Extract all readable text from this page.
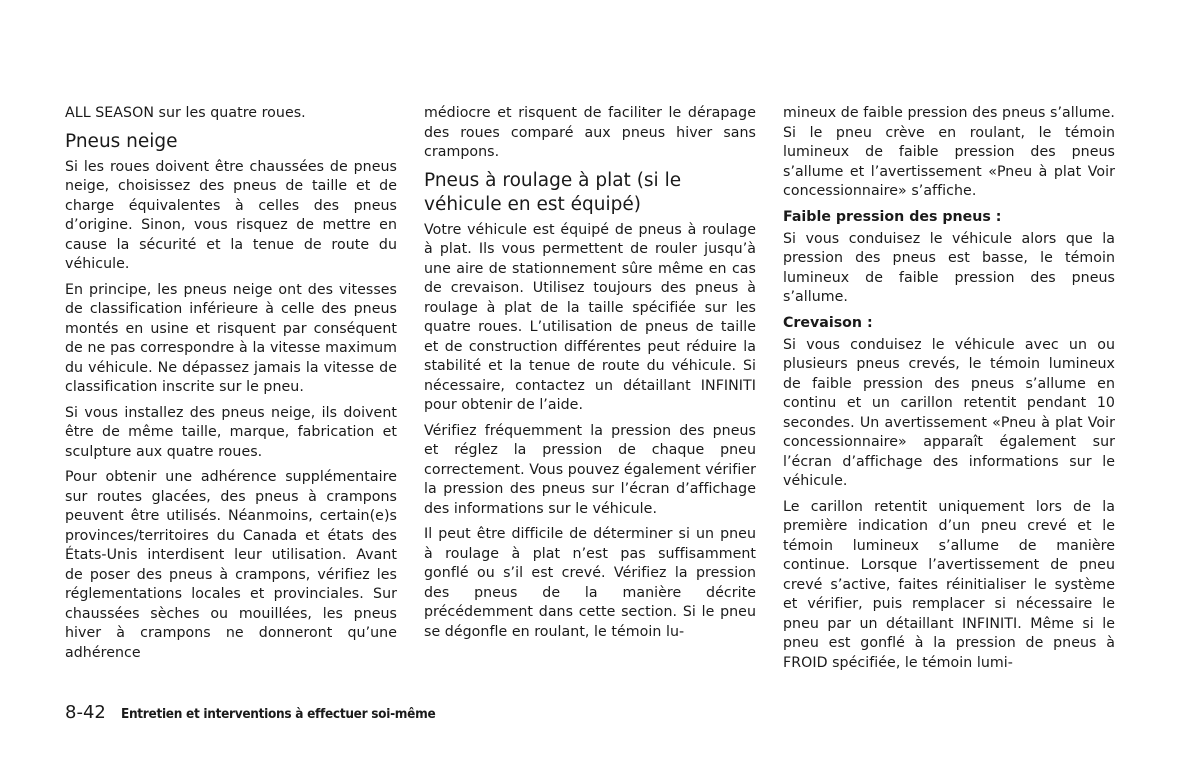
ALL SEASON sur les quatre roues.

Pneus neige

Si les roues doivent être chaussées de pneus neige, choisissez des pneus de taille et de charge équivalentes à celles des pneus d’origine. Sinon, vous risquez de mettre en cause la sécurité et la tenue de route du véhicule.

En principe, les pneus neige ont des vitesses de classification inférieure à celle des pneus montés en usine et risquent par conséquent de ne pas correspondre à la vitesse maximum du véhicule. Ne dépassez jamais la vitesse de classification inscrite sur le pneu.

Si vous installez des pneus neige, ils doivent être de même taille, marque, fabrication et sculpture aux quatre roues.

Pour obtenir une adhérence supplémentaire sur routes glacées, des pneus à crampons peuvent être utilisés. Néanmoins, certain(e)s provinces/territoires du Canada et états des États-Unis interdisent leur utilisation. Avant de poser des pneus à crampons, vérifiez les réglementations locales et provinciales. Sur chaussées sèches ou mouillées, les pneus hiver à crampons ne donneront qu’une adhérence

médiocre et risquent de faciliter le dérapage des roues comparé aux pneus hiver sans crampons.

Pneus à roulage à plat (si le véhicule en est équipé)

Votre véhicule est équipé de pneus à roulage à plat. Ils vous permettent de rouler jusqu’à une aire de stationnement sûre même en cas de crevaison. Utilisez toujours des pneus à roulage à plat de la taille spécifiée sur les quatre roues. L’utilisation de pneus de taille et de construction différentes peut réduire la stabilité et la tenue de route du véhicule. Si nécessaire, contactez un détaillant INFINITI pour obtenir de l’aide.

Vérifiez fréquemment la pression des pneus et réglez la pression de chaque pneu correctement. Vous pouvez également vérifier la pression des pneus sur l’écran d’affichage des informations sur le véhicule.

Il peut être difficile de déterminer si un pneu à roulage à plat n’est pas suffisamment gonflé ou s’il est crevé. Vérifiez la pression des pneus de la manière décrite précédemment dans cette section. Si le pneu se dégonfle en roulant, le témoin lu-

mineux de faible pression des pneus s’allume. Si le pneu crève en roulant, le témoin lumineux de faible pression des pneus s’allume et l’avertissement «Pneu à plat Voir concessionnaire» s’affiche.

Faible pression des pneus :

Si vous conduisez le véhicule alors que la pression des pneus est basse, le témoin lumineux de faible pression des pneus s’allume.

Crevaison :

Si vous conduisez le véhicule avec un ou plusieurs pneus crevés, le témoin lumineux de faible pression des pneus s’allume en continu et un carillon retentit pendant 10 secondes. Un avertissement «Pneu à plat Voir concessionnaire» apparaît également sur l’écran d’affichage des informations sur le véhicule.

Le carillon retentit uniquement lors de la première indication d’un pneu crevé et le témoin lumineux s’allume de manière continue. Lorsque l’avertissement de pneu crevé s’active, faites réinitialiser le système et vérifier, puis remplacer si nécessaire le pneu par un détaillant INFINITI. Même si le pneu est gonflé à la pression de pneus à FROID spécifiée, le témoin lumi-

8-42 Entretien et interventions à effectuer soi-même
